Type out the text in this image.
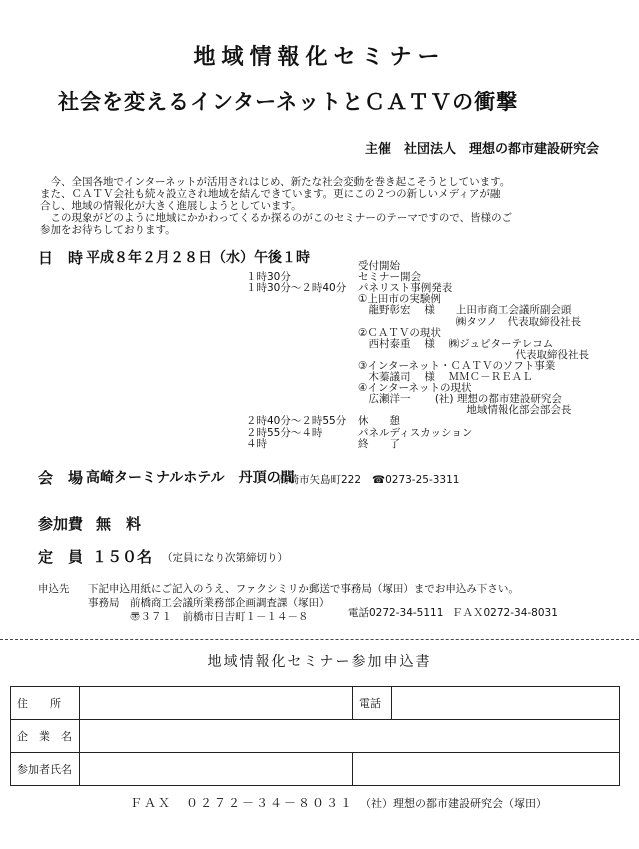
地域情報化セミナー
社会を変えるインターネットとＣＡＴＶの衝撃
主催　社団法人　理想の都市建設研究会

　今、全国各地でインターネットが活用されはじめ、新たな社会変動を巻き起こそうとしています。

また、ＣＡＴＶ会社も続々設立され地域を結んできています。更にこの２つの新しいメディアが融

合し、地域の情報化が大きく進展しようとしています。

　この現象がどのように地域にかかわってくるか探るのがこのセミナーのテーマですので、皆様のご

参加をお待ちしております。

日　時 平成８年２月２８日（水）午後１時	受付開始
１時30分	セミナー開会
１時30分～２時40分 パネリスト事例発表
①上田市の実験例
　龍野彰宏　 様　　上田市商工会議所副会頭
　　　　　　　　　 ㈱タツノ　代表取締役社長
②ＣＡＴＶの現状
　西村泰重　 様　 ㈱ジュピターテレコム
　　　　　　　　　　　　　　　代表取締役社長
③インターネット・ＣＡＴＶのソフト事業
　木蓁議司　 様　 ＭＭＣ－ＲＥＡＬ
④インターネットの現状
　広瀬洋一　　 (社) 理想の都市建設研究会
　　　　　　　　　　 地域情報化部会部会長
２時40分～２時55分 休　　憩
２時55分～４時	パネルディスカッション
４時	終　　了
会　場 高崎ターミナルホテル　丹頂の間
高崎市矢島町222 ☎0273-25-3311
参加費 無　料
定　員 １５０名 （定員になり次第締切り）
申込先 下記申込用紙にご記入のうえ、ファクシミリか郵送で事務局（塚田）までお申込み下さい。
事務局 前橋商工会議所業務部企画調査課（塚田）
〠３７１　前橋市日吉町１－１４－８	電話0272-34-5111 ＦＡＸ0272-34-8031
地域情報化セミナー参加申込書
住　　所		電話	
企　業　名			
参加者氏名			
ＦＡＸ　０２７２－３４－８０３１ （社）理想の都市建設研究会（塚田）
